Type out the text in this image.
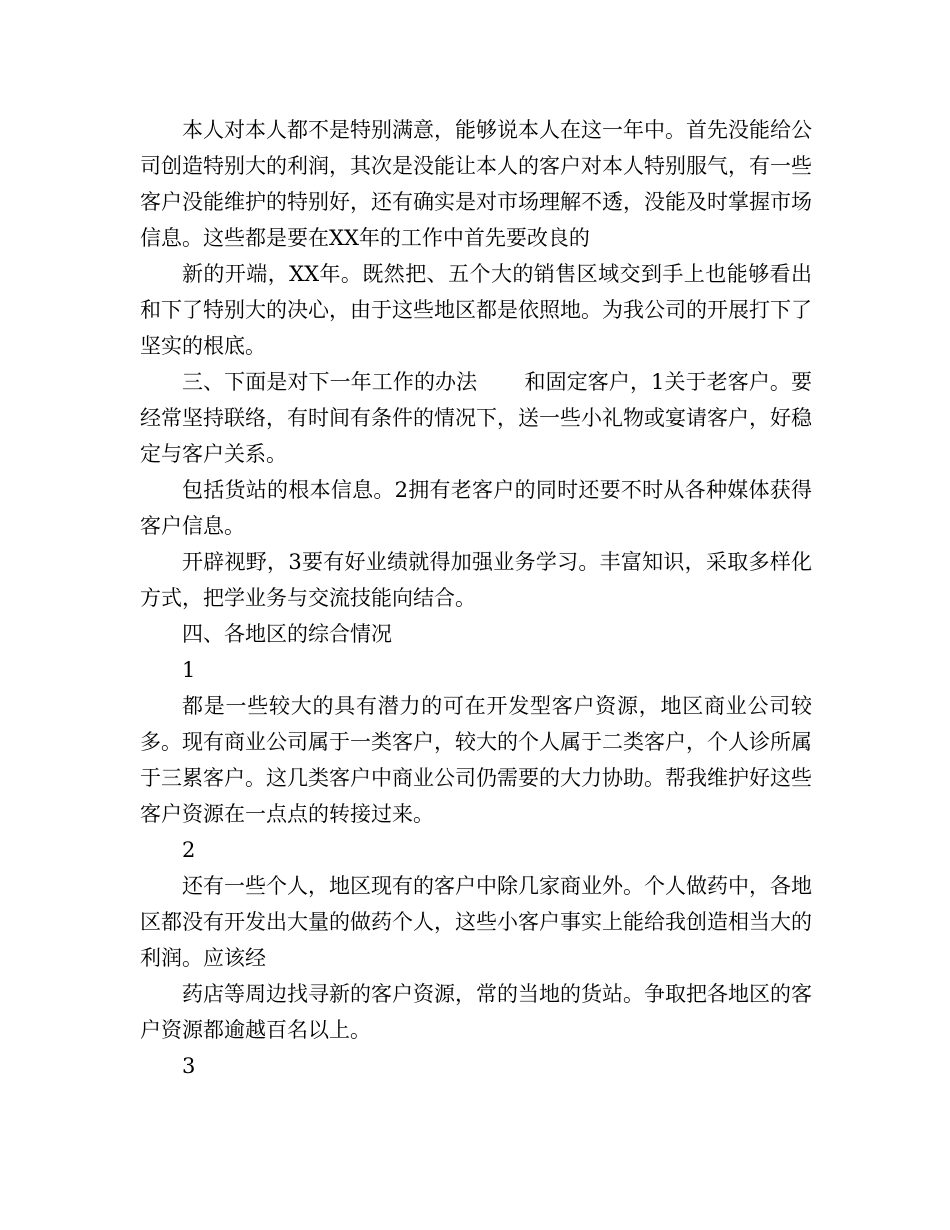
本人对本人都不是特别满意，能够说本人在这一年中。首先没能给公司创造特别大的利润，其次是没能让本人的客户对本人特别服气，有一些客户没能维护的特别好，还有确实是对市场理解不透，没能及时掌握市场信息。这些都是要在XX年的工作中首先要改良的

新的开端，XX年。既然把、五个大的销售区域交到手上也能够看出和下了特别大的决心，由于这些地区都是依照地。为我公司的开展打下了坚实的根底。

三、下面是对下一年工作的办法       和固定客户，1关于老客户。要经常坚持联络，有时间有条件的情况下，送一些小礼物或宴请客户，好稳定与客户关系。

包括货站的根本信息。2拥有老客户的同时还要不时从各种媒体获得客户信息。

开辟视野，3要有好业绩就得加强业务学习。丰富知识，采取多样化方式，把学业务与交流技能向结合。

四、各地区的综合情况

1

都是一些较大的具有潜力的可在开发型客户资源，地区商业公司较多。现有商业公司属于一类客户，较大的个人属于二类客户，个人诊所属于三累客户。这几类客户中商业公司仍需要的大力协助。帮我维护好这些客户资源在一点点的转接过来。

2

还有一些个人，地区现有的客户中除几家商业外。个人做药中，各地区都没有开发出大量的做药个人，这些小客户事实上能给我创造相当大的利润。应该经

药店等周边找寻新的客户资源，常的当地的货站。争取把各地区的客户资源都逾越百名以上。

3
